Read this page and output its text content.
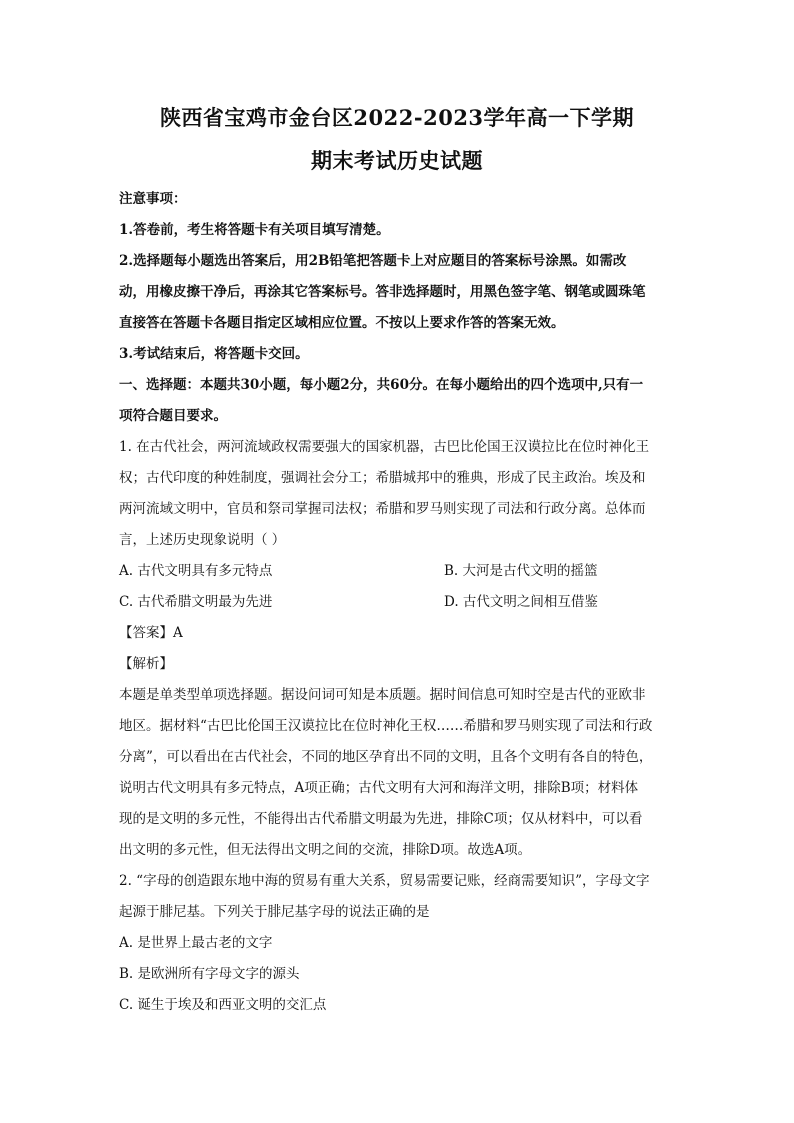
陕西省宝鸡市金台区2022-2023学年高一下学期
期末考试历史试题
注意事项：
1.答卷前，考生将答题卡有关项目填写清楚。
2.选择题每小题选出答案后，用2B铅笔把答题卡上对应题目的答案标号涂黑。如需改
动，用橡皮擦干净后，再涂其它答案标号。答非选择题时，用黑色签字笔、钢笔或圆珠笔
直接答在答题卡各题目指定区域相应位置。不按以上要求作答的答案无效。
3.考试结束后，将答题卡交回。
一、选择题：本题共30小题，每小题2分，共60分。在每小题给出的四个选项中,只有一
项符合题目要求。
1. 在古代社会，两河流域政权需要强大的国家机器，古巴比伦国王汉谟拉比在位时神化王
权；古代印度的种姓制度，强调社会分工；希腊城邦中的雅典，形成了民主政治。埃及和
两河流域文明中，官员和祭司掌握司法权；希腊和罗马则实现了司法和行政分离。总体而
言，上述历史现象说明（ ）
A. 古代文明具有多元特点	B. 大河是古代文明的摇篮
C. 古代希腊文明最为先进	D. 古代文明之间相互借鉴
【答案】A
【解析】
本题是单类型单项选择题。据设问词可知是本质题。据时间信息可知时空是古代的亚欧非
地区。据材料“古巴比伦国王汉谟拉比在位时神化王权……希腊和罗马则实现了司法和行政
分离”，可以看出在古代社会，不同的地区孕育出不同的文明，且各个文明有各自的特色，
说明古代文明具有多元特点，A项正确；古代文明有大河和海洋文明，排除B项；材料体
现的是文明的多元性，不能得出古代希腊文明最为先进，排除C项；仅从材料中，可以看
出文明的多元性，但无法得出文明之间的交流，排除D项。故选A项。
2. “字母的创造跟东地中海的贸易有重大关系，贸易需要记账，经商需要知识”，字母文字
起源于腓尼基。下列关于腓尼基字母的说法正确的是
A. 是世界上最古老的文字
B. 是欧洲所有字母文字的源头
C. 诞生于埃及和西亚文明的交汇点
